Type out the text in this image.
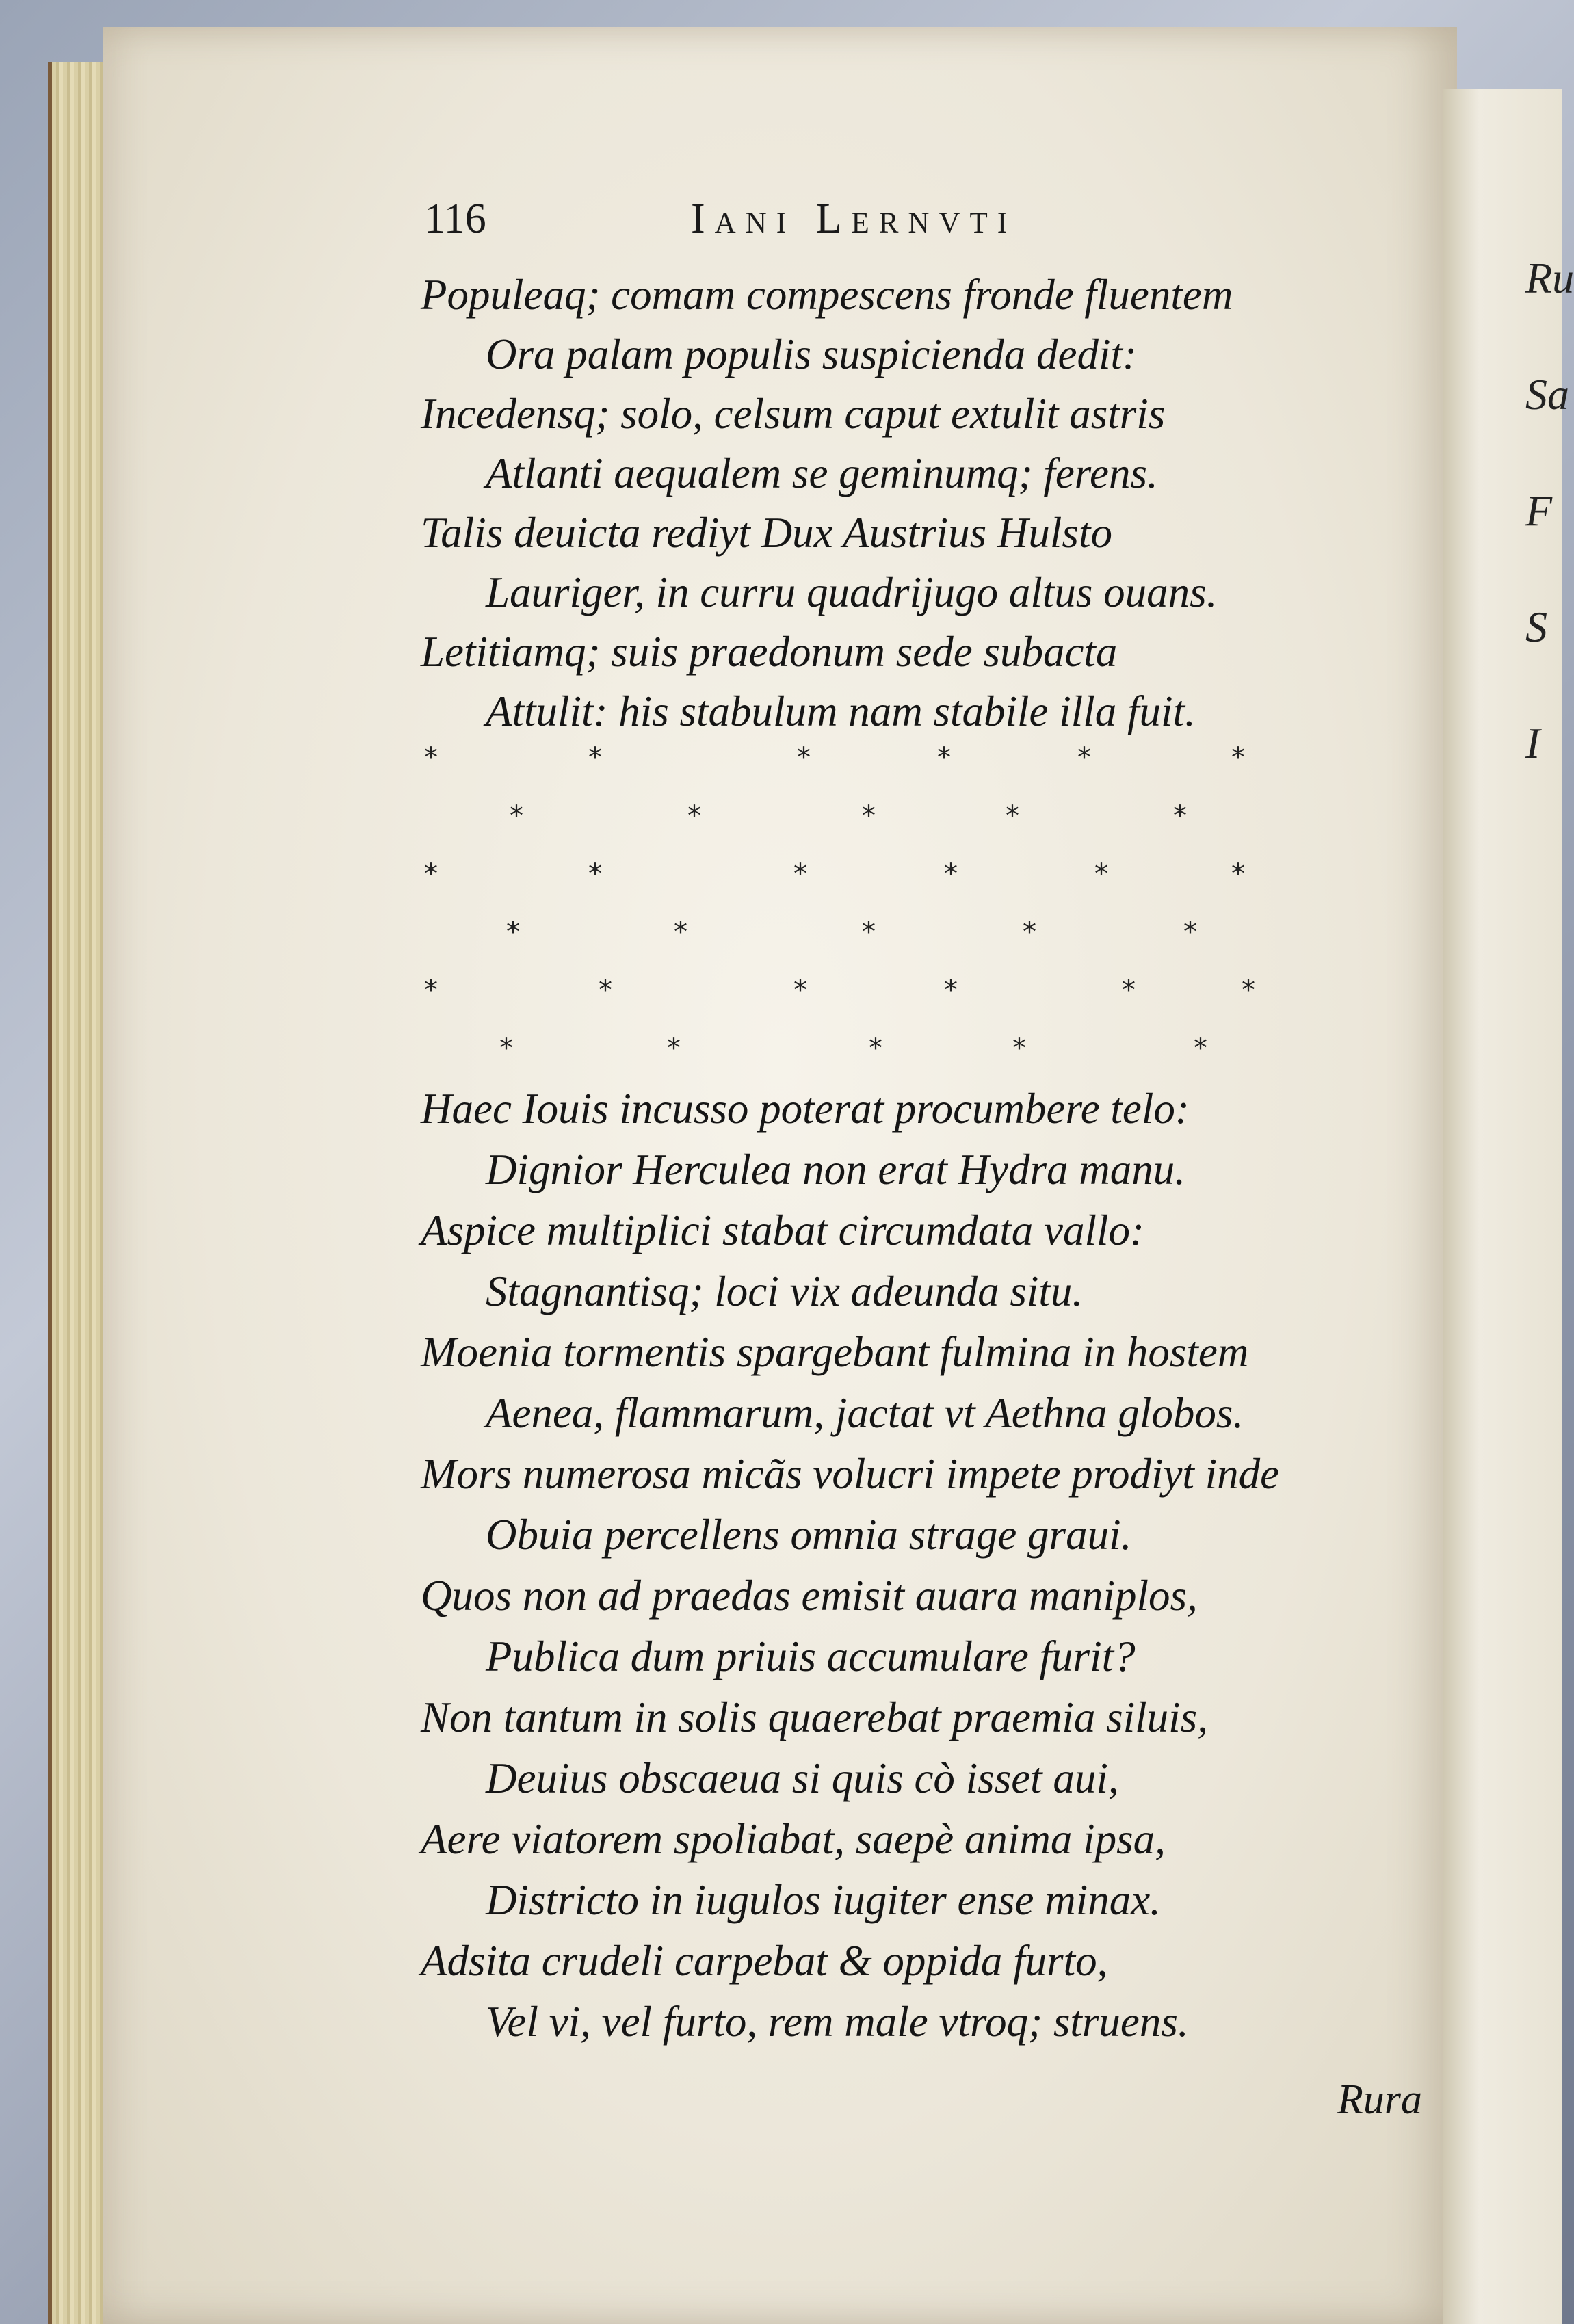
Ru
Sa
F
S
I
116	Iani Lernvti
Populeaq; comam compescens fronde fluentem
Ora palam populis suspicienda dedit:
Incedensq; solo, celsum caput extulit astris
Atlanti aequalem se geminumq; ferens.
Talis deuicta rediyt Dux Austrius Hulsto
Lauriger, in curru quadrijugo altus ouans.
Letitiamq; suis praedonum sede subacta
Attulit: his stabulum nam stabile illa fuit.
*	*	*	*	*	*
*	*	*	*	*
*	*	*	*	*	*
*	*	*	*	*
*	*	*	*	*	*
*	*	*	*	*
Haec Iouis incusso poterat procumbere telo:
Dignior Herculea non erat Hydra manu.
Aspice multiplici stabat circumdata vallo:
Stagnantisq; loci vix adeunda situ.
Moenia tormentis spargebant fulmina in hostem
Aenea, flammarum, jactat vt Aethna globos.
Mors numerosa micãs volucri impete prodiyt inde
Obuia percellens omnia strage graui.
Quos non ad praedas emisit auara maniplos,
Publica dum priuis accumulare furit?
Non tantum in solis quaerebat praemia siluis,
Deuius obscaeua si quis cò isset aui,
Aere viatorem spoliabat, saepè anima ipsa,
Districto in iugulos iugiter ense minax.
Adsita crudeli carpebat & oppida furto,
Vel vi, vel furto, rem male vtroq; struens.
Rura
